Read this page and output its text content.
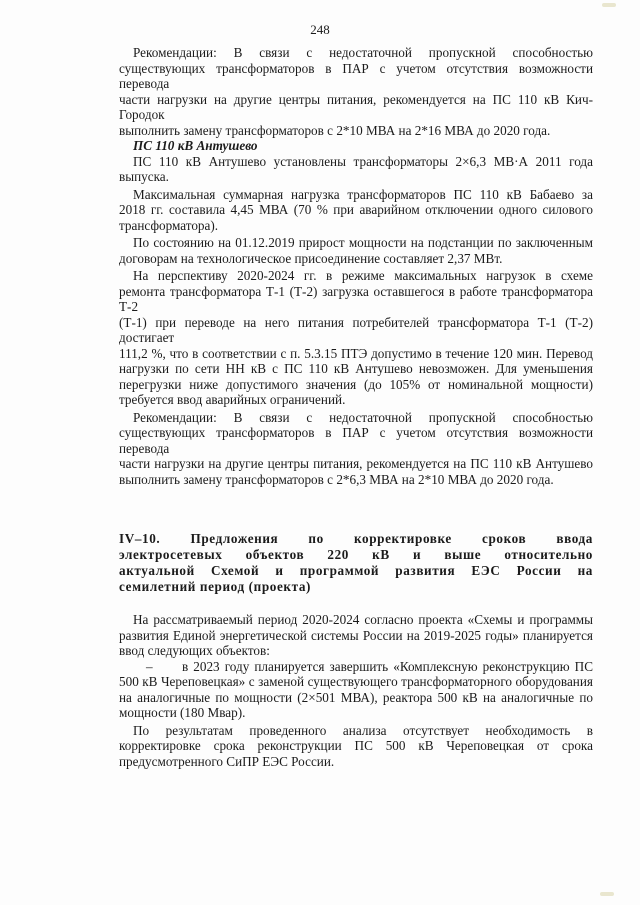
248

Рекомендации: В связи с недостаточной пропускной способностью
существующих трансформаторов в ПАР с учетом отсутствия возможности перевода
части нагрузки на другие центры питания, рекомендуется на ПС 110 кВ Кич-Городок
выполнить замену трансформаторов с 2*10 МВА на 2*16 МВА до 2020 года.

ПС 110 кВ Антушево

ПС 110 кВ Антушево установлены трансформаторы 2×6,3 МВ·А 2011 года
выпуска.

Максимальная суммарная нагрузка трансформаторов ПС 110 кВ Бабаево за
2018 гг. составила 4,45 МВА (70 % при аварийном отключении одного силового
трансформатора).

По состоянию на 01.12.2019 прирост мощности на подстанции по заключенным
договорам на технологическое присоединение составляет 2,37 МВт.

На перспективу 2020-2024 гг. в режиме максимальных нагрузок в схеме
ремонта трансформатора Т-1 (Т-2) загрузка оставшегося в работе трансформатора Т-2
(Т-1) при переводе на него питания потребителей трансформатора Т-1 (Т-2) достигает
111,2 %, что в соответствии с п. 5.3.15 ПТЭ допустимо в течение 120 мин. Перевод
нагрузки по сети НН кВ с ПС 110 кВ Антушево невозможен. Для уменьшения
перегрузки ниже допустимого значения (до 105% от номинальной мощности)
требуется ввод аварийных ограничений.

Рекомендации: В связи с недостаточной пропускной способностью
существующих трансформаторов в ПАР с учетом отсутствия возможности перевода
части нагрузки на другие центры питания, рекомендуется на ПС 110 кВ Антушево
выполнить замену трансформаторов с 2*6,3 МВА на 2*10 МВА до 2020 года.

IV–10. Предложения по корректировке сроков ввода
электросетевых объектов 220 кВ и выше относительно
актуальной Схемой и программой развития ЕЭС России на
семилетний период (проекта)

На рассматриваемый период 2020-2024 согласно проекта «Схемы и программы
развития Единой энергетической системы России на 2019-2025 годы» планируется
ввод следующих объектов:

–	в 2023 году планируется завершить «Комплексную реконструкцию ПС
500 кВ Череповецкая» с заменой существующего трансформаторного оборудования
на аналогичные по мощности (2×501 МВА), реактора 500 кВ на аналогичные по
мощности (180 Мвар).

По результатам проведенного анализа отсутствует необходимость в
корректировке срока реконструкции ПС 500 кВ Череповецкая от срока
предусмотренного СиПР ЕЭС России.
